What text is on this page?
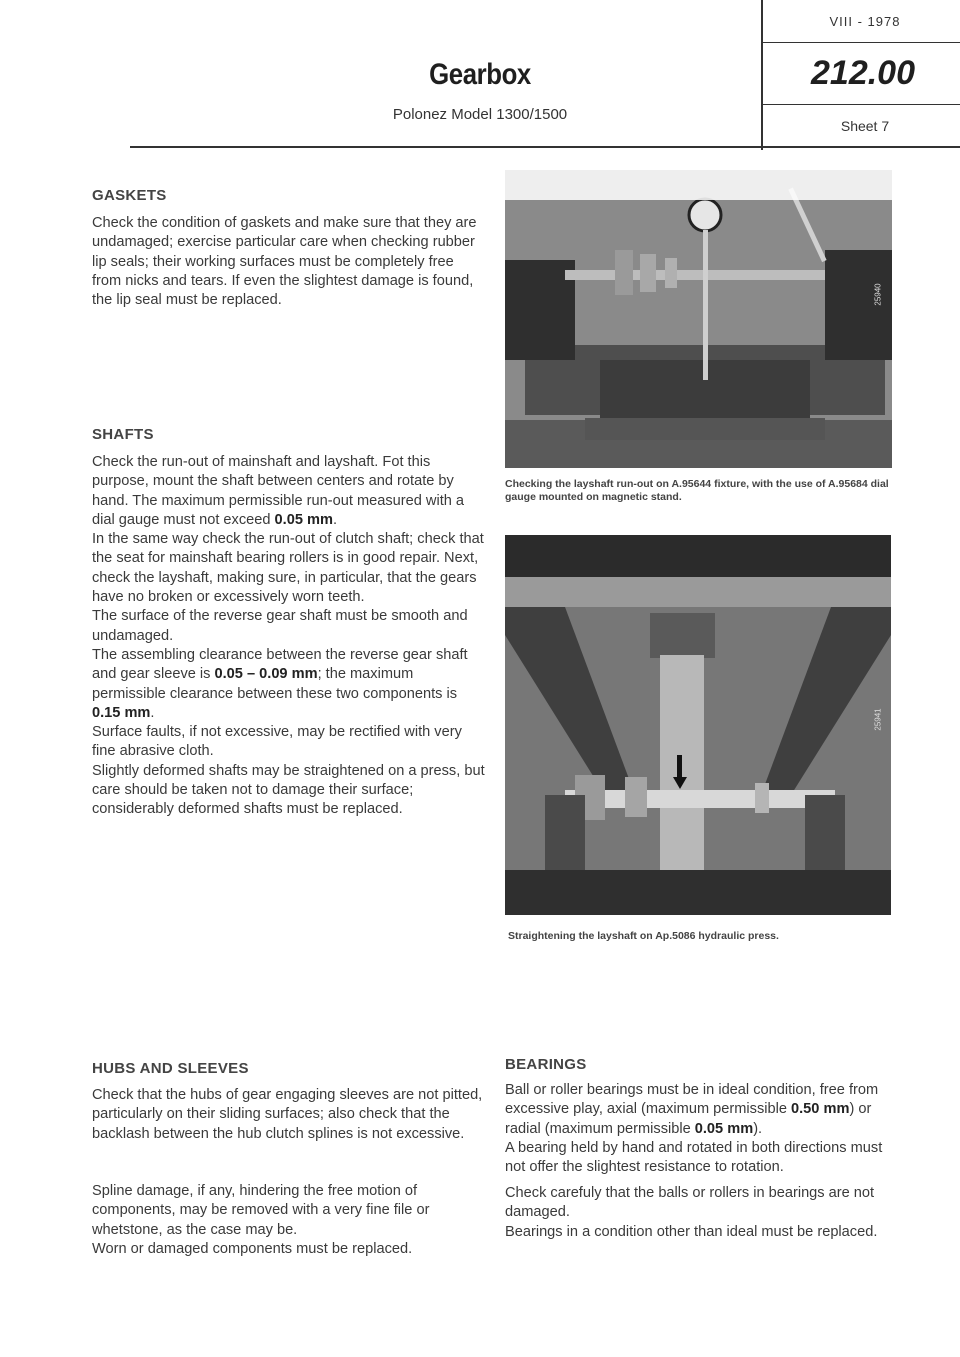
Gearbox
Polonez Model 1300/1500
VIII - 1978
212.00
Sheet 7
GASKETS
Check the condition of gaskets and make sure that they are undamaged; exercise particular care when checking rubber lip seals; their working surfaces must be completely free from nicks and tears. If even the slightest damage is found, the lip seal must be replaced.
SHAFTS
Check the run-out of mainshaft and layshaft. Fot this purpose, mount the shaft between centers and rotate by hand. The maximum permissible run-out measured with a dial gauge must not exceed 0.05 mm.
In the same way check the run-out of clutch shaft; check that the seat for mainshaft bearing rollers is in good repair. Next, check the layshaft, making sure, in particular, that the gears have no broken or excessively worn teeth.
The surface of the reverse gear shaft must be smooth and undamaged.
The assembling clearance between the reverse gear shaft and gear sleeve is 0.05 – 0.09 mm; the maximum permissible clearance between these two components is 0.15 mm.
Surface faults, if not excessive, may be rectified with very fine abrasive cloth.
Slightly deformed shafts may be straightened on a press, but care should be taken not to damage their surface; considerably deformed shafts must be replaced.
25940
Checking the layshaft run-out on A.95644 fixture, with the use of A.95684 dial gauge mounted on magnetic stand.
25941
Straightening the layshaft on Ap.5086 hydraulic press.
HUBS AND SLEEVES
Check that the hubs of gear engaging sleeves are not pitted, particularly on their sliding surfaces; also check that the backlash between the hub clutch splines is not excessive.
Spline damage, if any, hindering the free motion of components, may be removed with a very fine file or whetstone, as the case may be.
Worn or damaged components must be replaced.
BEARINGS
Ball or roller bearings must be in ideal condition, free from excessive play, axial (maximum permissible 0.50 mm) or radial (maximum permissible 0.05 mm).
A bearing held by hand and rotated in both directions must not offer the slightest resistance to rotation.
Check carefuly that the balls or rollers in bearings are not damaged.
Bearings in a condition other than ideal must be replaced.
